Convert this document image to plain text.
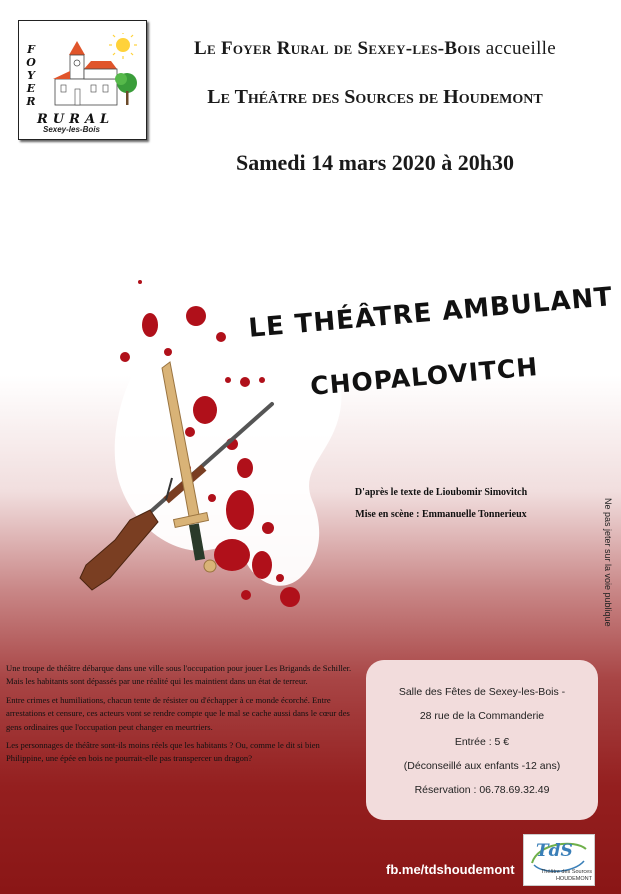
F
O
Y
E
R
RURAL
Sexey-les-Bois
Le Foyer Rural de Sexey-les-Bois accueille
Le Théâtre des Sources de Houdemont
Samedi 14 mars 2020 à 20h30
LE THÉÂTRE AMBULANT
CHOPALOVITCH
D'après le texte de Lioubomir Simovitch
Mise en scène : Emmanuelle Tonnerieux	Ne pas jeter sur la voie publique

Une troupe de théâtre débarque dans une ville sous l'occupation pour jouer Les Brigands de Schiller. Mais les habitants sont dépassés par une réalité qui les maintient dans un état de terreur.

Entre crimes et humiliations, chacun tente de résister ou d'échapper à ce monde écorché. Entre arrestations et censure, ces acteurs vont se rendre compte que le mal se cache aussi dans le cœur des gens ordinaires que l'occupation peut changer en meurtriers.

Les personnages de théâtre sont-ils moins réels que les habitants ? Ou, comme le dit si bien Philippine, une épée en bois ne pourrait-elle pas transpercer un dragon?

Salle des Fêtes de Sexey-les-Bois -
28 rue de la Commanderie
Entrée : 5 €
(Déconseillé aux enfants -12 ans)
Réservation : 06.78.69.32.49
fb.me/tdshoudemont
TdS
Théâtre des Sources
HOUDEMONT
